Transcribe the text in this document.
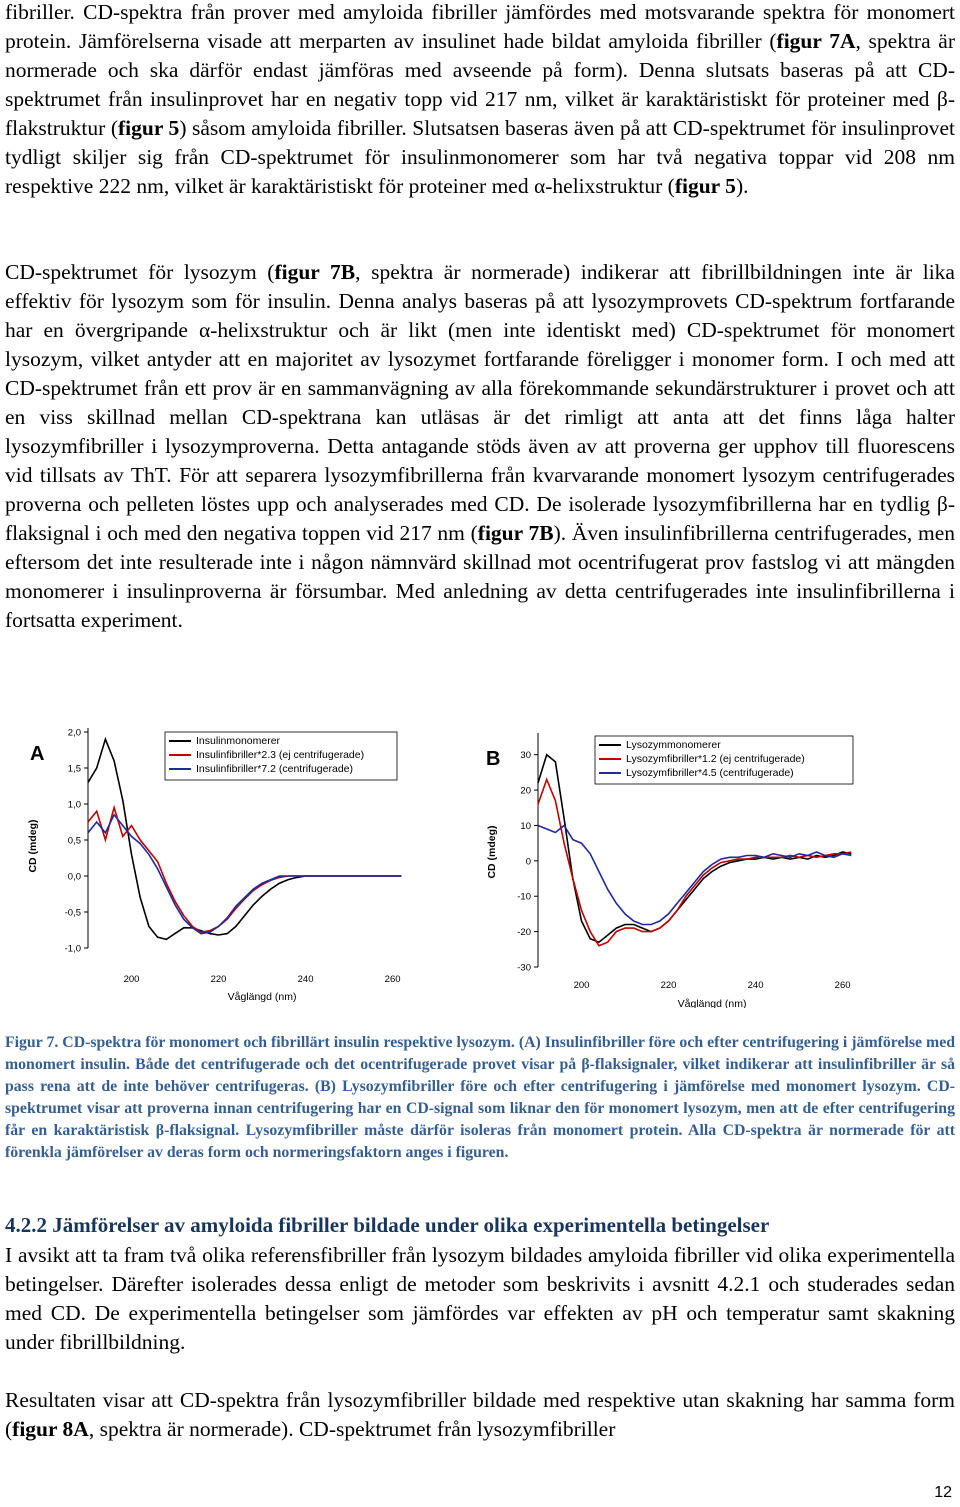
fibriller. CD-spektra från prover med amyloida fibriller jämfördes med motsvarande spektra för monomert protein. Jämförelserna visade att merparten av insulinet hade bildat amyloida fibriller (figur 7A, spektra är normerade och ska därför endast jämföras med avseende på form). Denna slutsats baseras på att CD-spektrumet från insulinprovet har en negativ topp vid 217 nm, vilket är karaktäristiskt för proteiner med β-flakstruktur (figur 5) såsom amyloida fibriller. Slutsatsen baseras även på att CD-spektrumet för insulinprovet tydligt skiljer sig från CD-spektrumet för insulinmonomerer som har två negativa toppar vid 208 nm respektive 222 nm, vilket är karaktäristiskt för proteiner med α-helixstruktur (figur 5).

CD-spektrumet för lysozym (figur 7B, spektra är normerade) indikerar att fibrillbildningen inte är lika effektiv för lysozym som för insulin. Denna analys baseras på att lysozymprovets CD-spektrum fortfarande har en övergripande α-helixstruktur och är likt (men inte identiskt med) CD-spektrumet för monomert lysozym, vilket antyder att en majoritet av lysozymet fortfarande föreligger i monomer form. I och med att CD-spektrumet från ett prov är en sammanvägning av alla förekommande sekundärstrukturer i provet och att en viss skillnad mellan CD-spektrana kan utläsas är det rimligt att anta att det finns låga halter lysozymfibriller i lysozymproverna. Detta antagande stöds även av att proverna ger upphov till fluorescens vid tillsats av ThT. För att separera lysozymfibrillerna från kvarvarande monomert lysozym centrifugerades proverna och pelleten löstes upp och analyserades med CD. De isolerade lysozymfibrillerna har en tydlig β-flaksignal i och med den negativa toppen vid 217 nm (figur 7B). Även insulinfibrillerna centrifugerades, men eftersom det inte resulterade inte i någon nämnvärd skillnad mot ocentrifugerat prov fastslog vi att mängden monomerer i insulinproverna är försumbar. Med anledning av detta centrifugerades inte insulinfibrillerna i fortsatta experiment.

A
2,0
1,5
1,0
0,5
0,0
-0,5
-1,0
CD (mdeg)
200	220	240	260
Våglängd (nm)
Insulinmonomerer
Insulinfibriller*2.3 (ej centrifugerade)
Insulinfibriller*7.2 (centrifugerade)	B 30
20
10
0
-10
-20
-30
CD (mdeg)
200	220	240	260
Våglängd (nm)
Lysozymmonomerer
Lysozymfibriller*1.2 (ej centrifugerade)
Lysozymfibriller*4.5 (centrifugerade)

Figur 7. CD-spektra för monomert och fibrillärt insulin respektive lysozym. (A) Insulinfibriller före och efter centrifugering i jämförelse med monomert insulin. Både det centrifugerade och det ocentrifugerade provet visar på β-flaksignaler, vilket indikerar att insulinfibriller är så pass rena att de inte behöver centrifugeras. (B) Lysozymfibriller före och efter centrifugering i jämförelse med monomert lysozym. CD-spektrumet visar att proverna innan centrifugering har en CD-signal som liknar den för monomert lysozym, men att de efter centrifugering får en karaktäristisk β-flaksignal. Lysozymfibriller måste därför isoleras från monomert protein. Alla CD-spektra är normerade för att förenkla jämförelser av deras form och normeringsfaktorn anges i figuren.

4.2.2 Jämförelser av amyloida fibriller bildade under olika experimentella betingelser

I avsikt att ta fram två olika referensfibriller från lysozym bildades amyloida fibriller vid olika experimentella betingelser. Därefter isolerades dessa enligt de metoder som beskrivits i avsnitt 4.2.1 och studerades sedan med CD. De experimentella betingelser som jämfördes var effekten av pH och temperatur samt skakning under fibrillbildning.

Resultaten visar att CD-spektra från lysozymfibriller bildade med respektive utan skakning har samma form (figur 8A, spektra är normerade). CD-spektrumet från lysozymfibriller

12
